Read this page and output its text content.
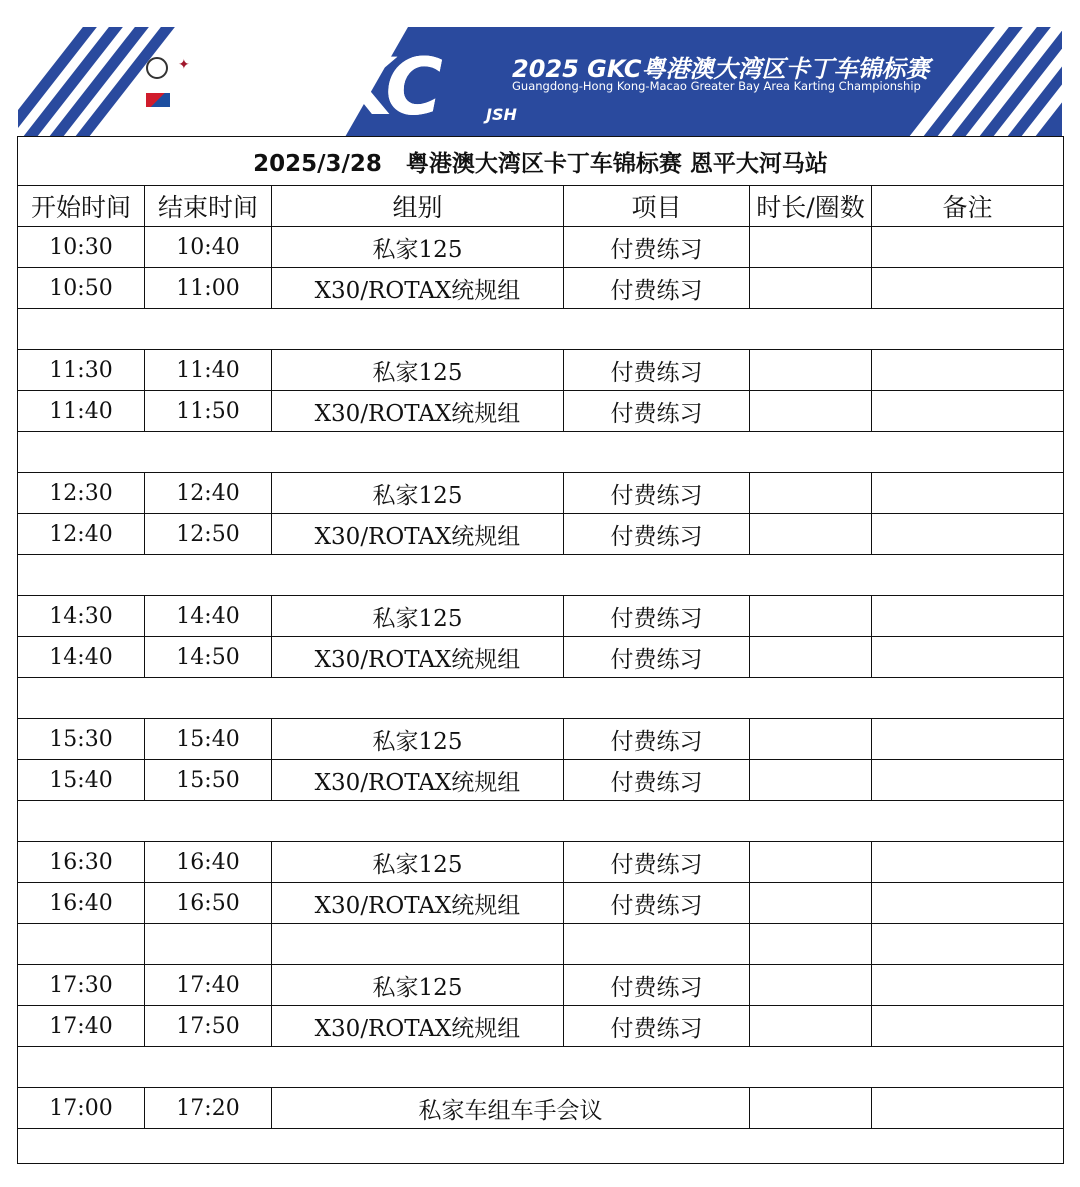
✦ GKC	JSH
2025 GKC粤港澳大湾区卡丁车锦标赛
Guangdong-Hong Kong-Macao Greater Bay Area Karting Championship
2025/3/28 粤港澳大湾区卡丁车锦标赛 恩平大河马站					
开始时间	结束时间	组别	项目	时长/圈数	备注
10:30	10:40	私家125	付费练习		
10:50	11:00	X30/ROTAX统规组	付费练习		

11:30	11:40	私家125	付费练习		
11:40	11:50	X30/ROTAX统规组	付费练习		

12:30	12:40	私家125	付费练习		
12:40	12:50	X30/ROTAX统规组	付费练习		

14:30	14:40	私家125	付费练习		
14:40	14:50	X30/ROTAX统规组	付费练习		

15:30	15:40	私家125	付费练习		
15:40	15:50	X30/ROTAX统规组	付费练习		

16:30	16:40	私家125	付费练习		
16:40	16:50	X30/ROTAX统规组	付费练习		

17:30	17:40	私家125	付费练习		
17:40	17:50	X30/ROTAX统规组	付费练习		

17:00	17:20	私家车组车手会议			
